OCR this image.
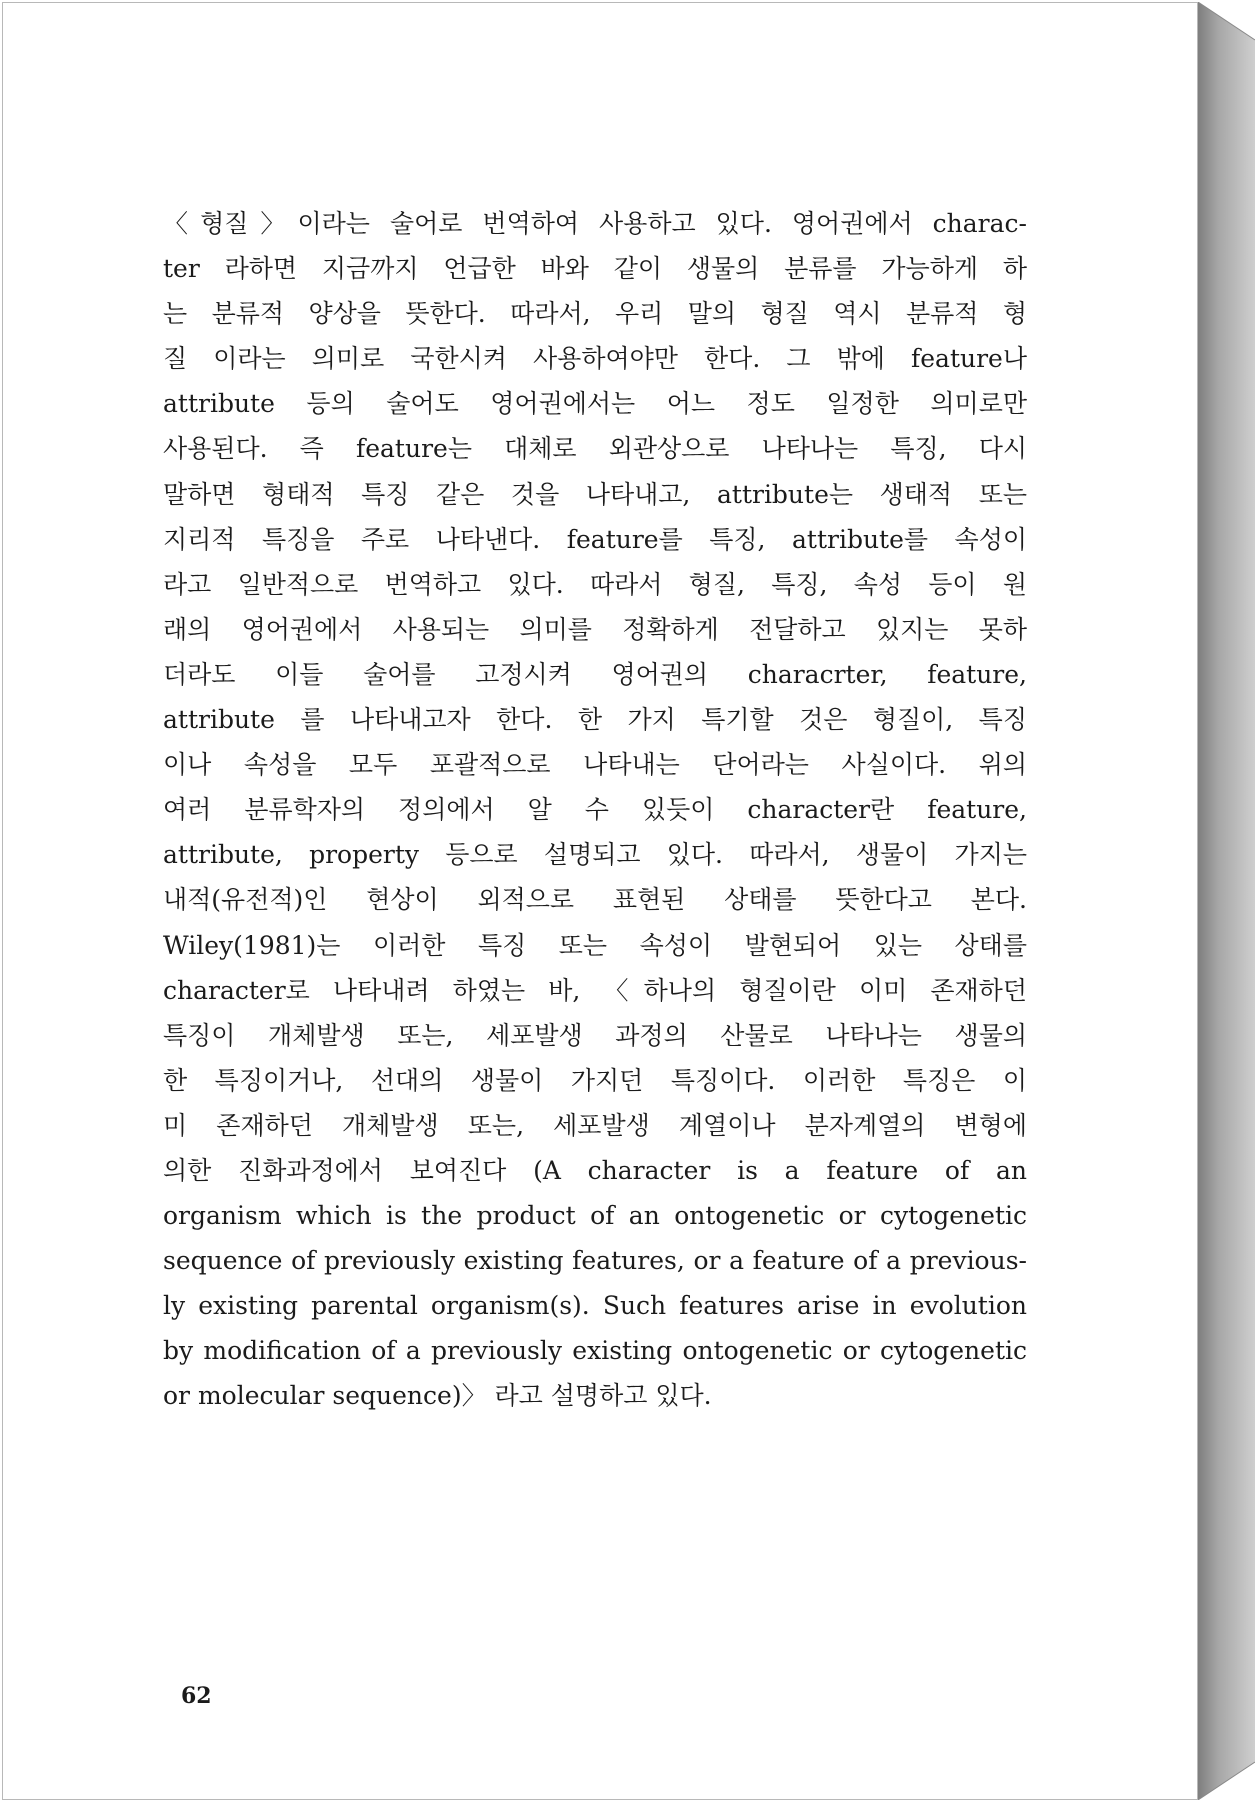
〈형질〉이라는 술어로 번역하여 사용하고 있다. 영어권에서 charac-
ter 라하면 지금까지 언급한 바와 같이 생물의 분류를 가능하게 하
는 분류적 양상을 뜻한다. 따라서, 우리 말의 형질 역시 분류적 형
질 이라는 의미로 국한시켜 사용하여야만 한다. 그 밖에 feature나
attribute 등의 술어도 영어권에서는 어느 정도 일정한 의미로만
사용된다. 즉 feature는 대체로 외관상으로 나타나는 특징, 다시
말하면 형태적 특징 같은 것을 나타내고, attribute는 생태적 또는
지리적 특징을 주로 나타낸다. feature를 특징, attribute를 속성이
라고 일반적으로 번역하고 있다. 따라서 형질, 특징, 속성 등이 원
래의 영어권에서 사용되는 의미를 정확하게 전달하고 있지는 못하
더라도 이들 술어를 고정시켜 영어권의 characrter, feature,
attribute 를 나타내고자 한다. 한 가지 특기할 것은 형질이, 특징
이나 속성을 모두 포괄적으로 나타내는 단어라는 사실이다. 위의
여러 분류학자의 정의에서 알 수 있듯이 character란 feature,
attribute, property 등으로 설명되고 있다. 따라서, 생물이 가지는
내적(유전적)인 현상이 외적으로 표현된 상태를 뜻한다고 본다.
Wiley(1981)는 이러한 특징 또는 속성이 발현되어 있는 상태를
character로 나타내려 하였는 바, 〈하나의 형질이란 이미 존재하던
특징이 개체발생 또는, 세포발생 과정의 산물로 나타나는 생물의
한 특징이거나, 선대의 생물이 가지던 특징이다. 이러한 특징은 이
미 존재하던 개체발생 또는, 세포발생 계열이나 분자계열의 변형에
의한 진화과정에서 보여진다 (A character is a feature of an
organism which is the product of an ontogenetic or cytogenetic
sequence of previously existing features, or a feature of a previous-
ly existing parental organism(s). Such features arise in evolution
by modification of a previously existing ontogenetic or cytogenetic
or molecular sequence)〉 라고 설명하고 있다.
62
